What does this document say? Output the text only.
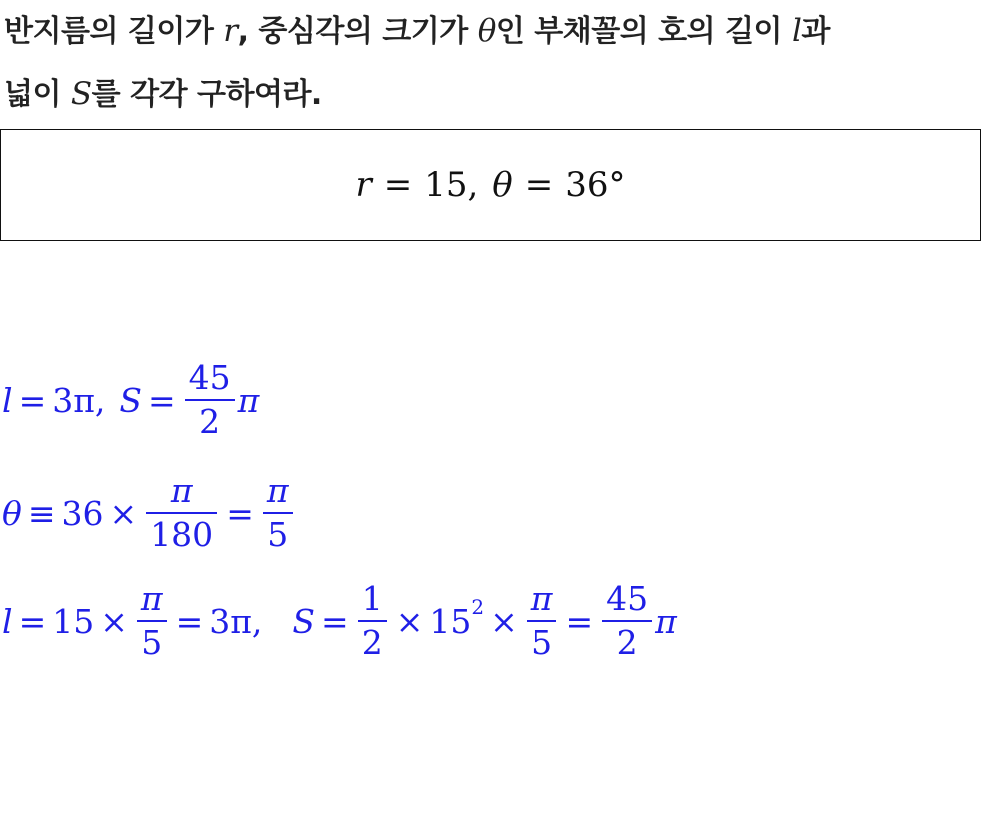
반지름의 길이가 r, 중심각의 크기가 θ인 부채꼴의 호의 길이 l과
넓이 S를 각각 구하여라.
r = 15, θ = 36°
l = 3π, $S = \frac{45}{2}$ π
$\theta \equiv 36 \times \frac{\pi}{180} = \frac{\pi}{5}$
$l = 15 \times \frac{\pi}{5} = 3\pi$, $S = \frac{1}{2} \times 15^2 \times \frac{\pi}{5} = \frac{45}{2}$ π
